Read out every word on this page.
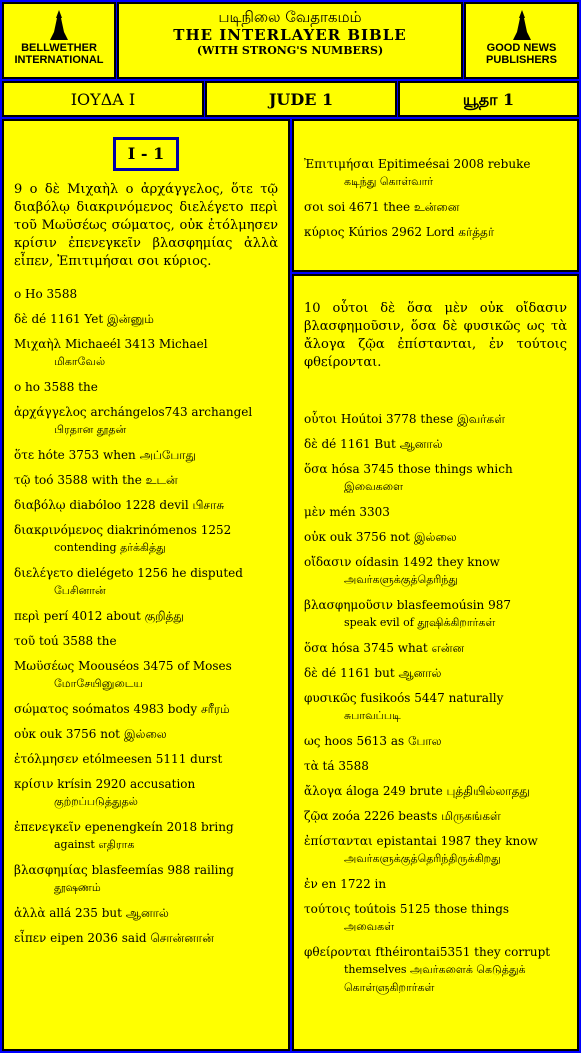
BELLWETHER
INTERNATIONAL
படிநிலை வேதாகமம்
THE INTERLAYER BIBLE
(WITH STRONG'S NUMBERS)	GOOD NEWS
PUBLISHERS
ΙΟΥΔΑ Ι	JUDE 1	யூதா 1
I - 1
9 ο δὲ Μιχαὴλ ο ἀρχάγγελος, ὅτε τῷ διαβόλῳ διακρινόμενος διελέγετο περὶ τοῦ Μωϋσέως σώματος, οὐκ ἐτόλμησεν κρίσιν ἐπενεγκεῖν βλασφημίας ἀλλὰ εἶπεν, Ἐπιτιμήσαι σοι κύριος.
ο Ho 3588
δὲ dé 1161 Yet இன்னும்
Μιχαὴλ Michaeél 3413 Michael
மிகாவேல்
ο ho 3588 the
ἀρχάγγελος archángelos743 archangel
பிரதான தூதன்
ὅτε hóte 3753 when அப்போது
τῷ toó 3588 with the உடன்
διαβόλῳ diabóloo 1228 devil பிசாசு
διακρινόμενος diakrinómenos 1252
contending தர்க்கித்து
διελέγετο dielégeto 1256 he disputed
பேசினான்
περὶ perí 4012 about குறித்து
τοῦ toú 3588 the
Μωϋσέως Moouséos 3475 of Moses
மோசேயினுடைய
σώματος soómatos 4983 body சரீரம்
οὐκ ouk 3756 not இல்லை
ἐτόλμησεν etólmeesen 5111 durst
κρίσιν krísin 2920 accusation
குற்றப்படுத்துதல்
ἐπενεγκεῖν epenengkeín 2018 bring
against எதிராக
βλασφημίας blasfeemías 988 railing
தூஷணம்
ἀλλὰ allá 235 but ஆனால்
εἶπεν eipen 2036 said சொன்னான்
Ἐπιτιμήσαι Epitimeésai 2008 rebuke
கடிந்து கொள்வார்
σοι soi 4671 thee உன்னை
κύριος Kúrios 2962 Lord கர்த்தர்
10 οὗτοι δὲ ὅσα μὲν οὐκ οἴδασιν βλασφημοῦσιν, ὅσα δὲ φυσικῶς ως τὰ ἄλογα ζῷα ἐπίστανται, ἐν τούτοις φθείρονται.
οὗτοι Hoútoi 3778 these இவர்கள்
δὲ dé 1161 But ஆனால்
ὅσα hósa 3745 those things which
இவைகளை
μὲν mén 3303
οὐκ ouk 3756 not இல்லை
οἴδασιν oídasin 1492 they know
அவர்களுக்குத்தெரிந்து
βλασφημοῦσιν blasfeemoúsin 987
speak evil of தூஷிக்கிறார்கள்
ὅσα hósa 3745 what என்ன
δὲ dé 1161 but ஆனால்
φυσικῶς fusikoós 5447 naturally
சுபாவப்படி
ως hoos 5613 as போல
τὰ tá 3588
ἄλογα áloga 249 brute புத்தியில்லாதது
ζῷα zoóa 2226 beasts மிருகங்கள்
ἐπίστανται epistantai 1987 they know
அவர்களுக்குத்தெரிந்திருக்கிறது
ἐν en 1722 in
τούτοις toútois 5125 those things
அவைகள்
φθείρονται fthéirontai5351 they corrupt
themselves அவர்களைக் கெடுத்துக் கொள்ளுகிறார்கள்
